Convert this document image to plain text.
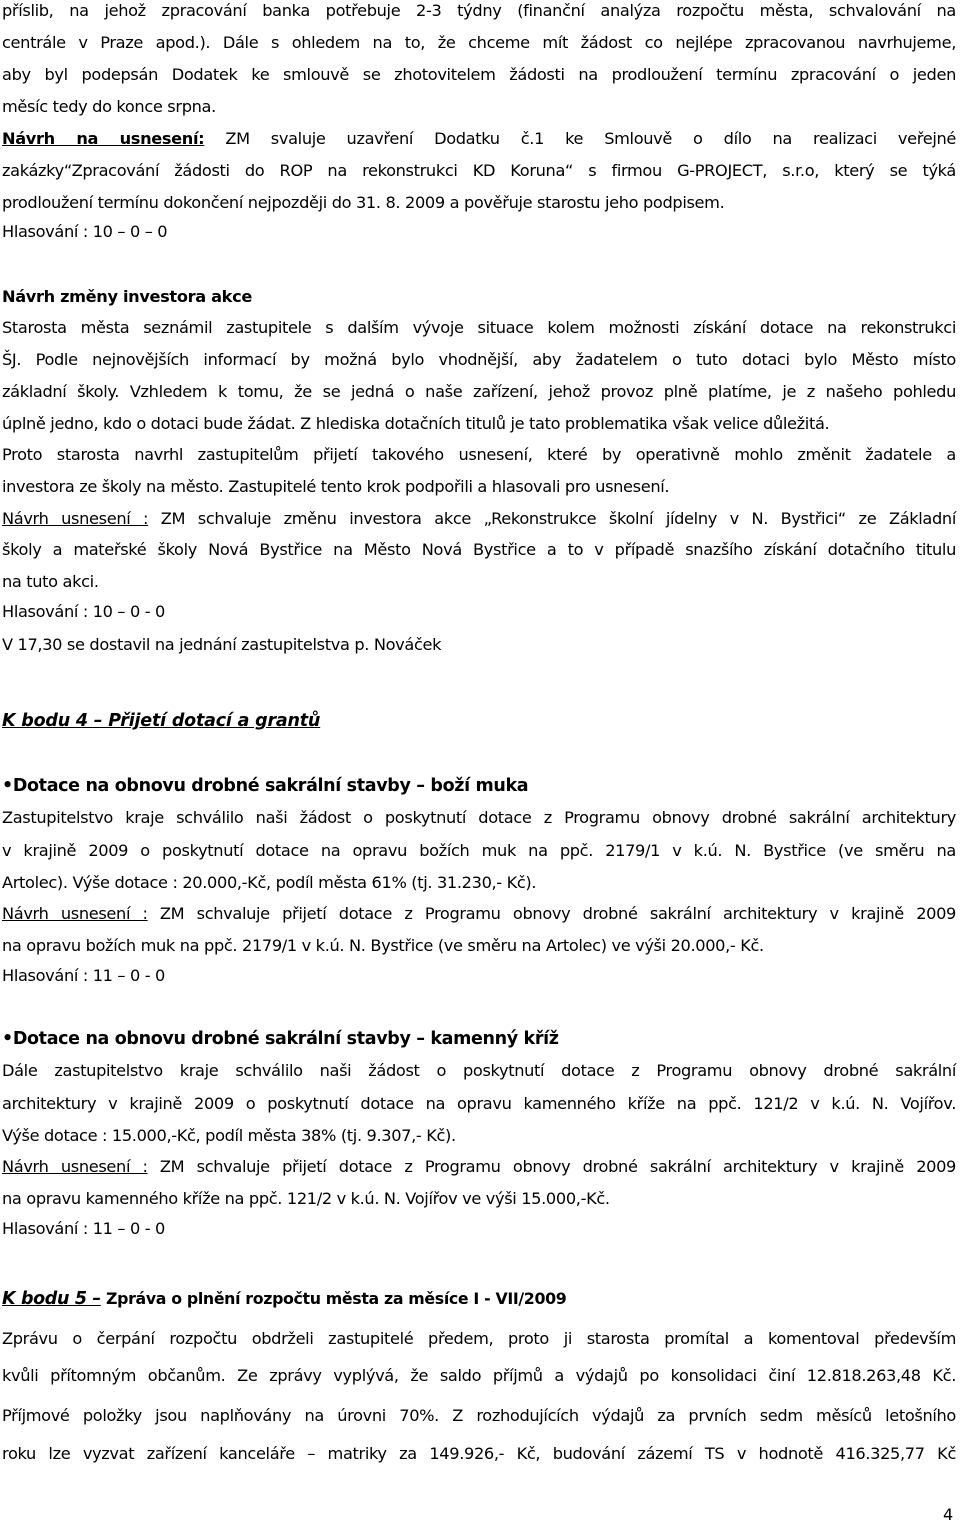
příslib, na jehož zpracování banka potřebuje 2-3 týdny (finanční analýza rozpočtu města, schvalování na
centrále v Praze apod.). Dále s ohledem na to, že chceme mít žádost co nejlépe zpracovanou navrhujeme,
aby byl podepsán Dodatek ke smlouvě se zhotovitelem žádosti na prodloužení termínu zpracování o jeden
měsíc tedy do konce srpna.
Návrh na usnesení: ZM svaluje uzavření Dodatku č.1 ke Smlouvě o dílo na realizaci veřejné
zakázky“Zpracování žádosti do ROP na rekonstrukci KD Koruna“ s firmou G-PROJECT, s.r.o, který se týká
prodloužení termínu dokončení nejpozději do 31. 8. 2009 a pověřuje starostu jeho podpisem.
Hlasování : 10 – 0 – 0
Návrh změny investora akce
Starosta města seznámil zastupitele s dalším vývoje situace kolem možnosti získání dotace na rekonstrukci
ŠJ. Podle nejnovějších informací by možná bylo vhodnější, aby žadatelem o tuto dotaci bylo Město místo
základní školy. Vzhledem k tomu, že se jedná o naše zařízení, jehož provoz plně platíme, je z našeho pohledu
úplně jedno, kdo o dotaci bude žádat. Z hlediska dotačních titulů je tato problematika však velice důležitá.
Proto starosta navrhl zastupitelům přijetí takového usnesení, které by operativně mohlo změnit žadatele a
investora ze školy na město. Zastupitelé tento krok podpořili a hlasovali pro usnesení.
Návrh usnesení : ZM schvaluje změnu investora akce „Rekonstrukce školní jídelny v N. Bystřici“ ze Základní
školy a mateřské školy Nová Bystřice na Město Nová Bystřice a to v případě snazšího získání dotačního titulu
na tuto akci.
Hlasování : 10 – 0 - 0
V 17,30 se dostavil na jednání zastupitelstva p. Nováček
K bodu 4 – Přijetí dotací a grantů
•Dotace na obnovu drobné sakrální stavby – boží muka
Zastupitelstvo kraje schválilo naši žádost o poskytnutí dotace z Programu obnovy drobné sakrální architektury
v krajině 2009 o poskytnutí dotace na opravu božích muk na ppč. 2179/1 v k.ú. N. Bystřice (ve směru na
Artolec). Výše dotace : 20.000,-Kč, podíl města 61% (tj. 31.230,- Kč).
Návrh usnesení : ZM schvaluje přijetí dotace z Programu obnovy drobné sakrální architektury v krajině 2009
na opravu božích muk na ppč. 2179/1 v k.ú. N. Bystřice (ve směru na Artolec) ve výši 20.000,- Kč.
Hlasování : 11 – 0 - 0
•Dotace na obnovu drobné sakrální stavby – kamenný kříž
Dále zastupitelstvo kraje schválilo naši žádost o poskytnutí dotace z Programu obnovy drobné sakrální
architektury v krajině 2009 o poskytnutí dotace na opravu kamenného kříže na ppč. 121/2 v k.ú. N. Vojířov.
Výše dotace : 15.000,-Kč, podíl města 38% (tj. 9.307,- Kč).
Návrh usnesení : ZM schvaluje přijetí dotace z Programu obnovy drobné sakrální architektury v krajině 2009
na opravu kamenného kříže na ppč. 121/2 v k.ú. N. Vojířov ve výši 15.000,-Kč.
Hlasování : 11 – 0 - 0
K bodu 5 – Zpráva o plnění rozpočtu města za měsíce I - VII/2009
Zprávu o čerpání rozpočtu obdrželi zastupitelé předem, proto ji starosta promítal a komentoval především
kvůli přítomným občanům. Ze zprávy vyplývá, že saldo příjmů a výdajů po konsolidaci činí 12.818.263,48 Kč.
Příjmové položky jsou naplňovány na úrovni 70%. Z rozhodujících výdajů za prvních sedm měsíců letošního
roku lze vyzvat zařízení kanceláře – matriky za 149.926,- Kč, budování zázemí TS v hodnotě 416.325,77 Kč
4
